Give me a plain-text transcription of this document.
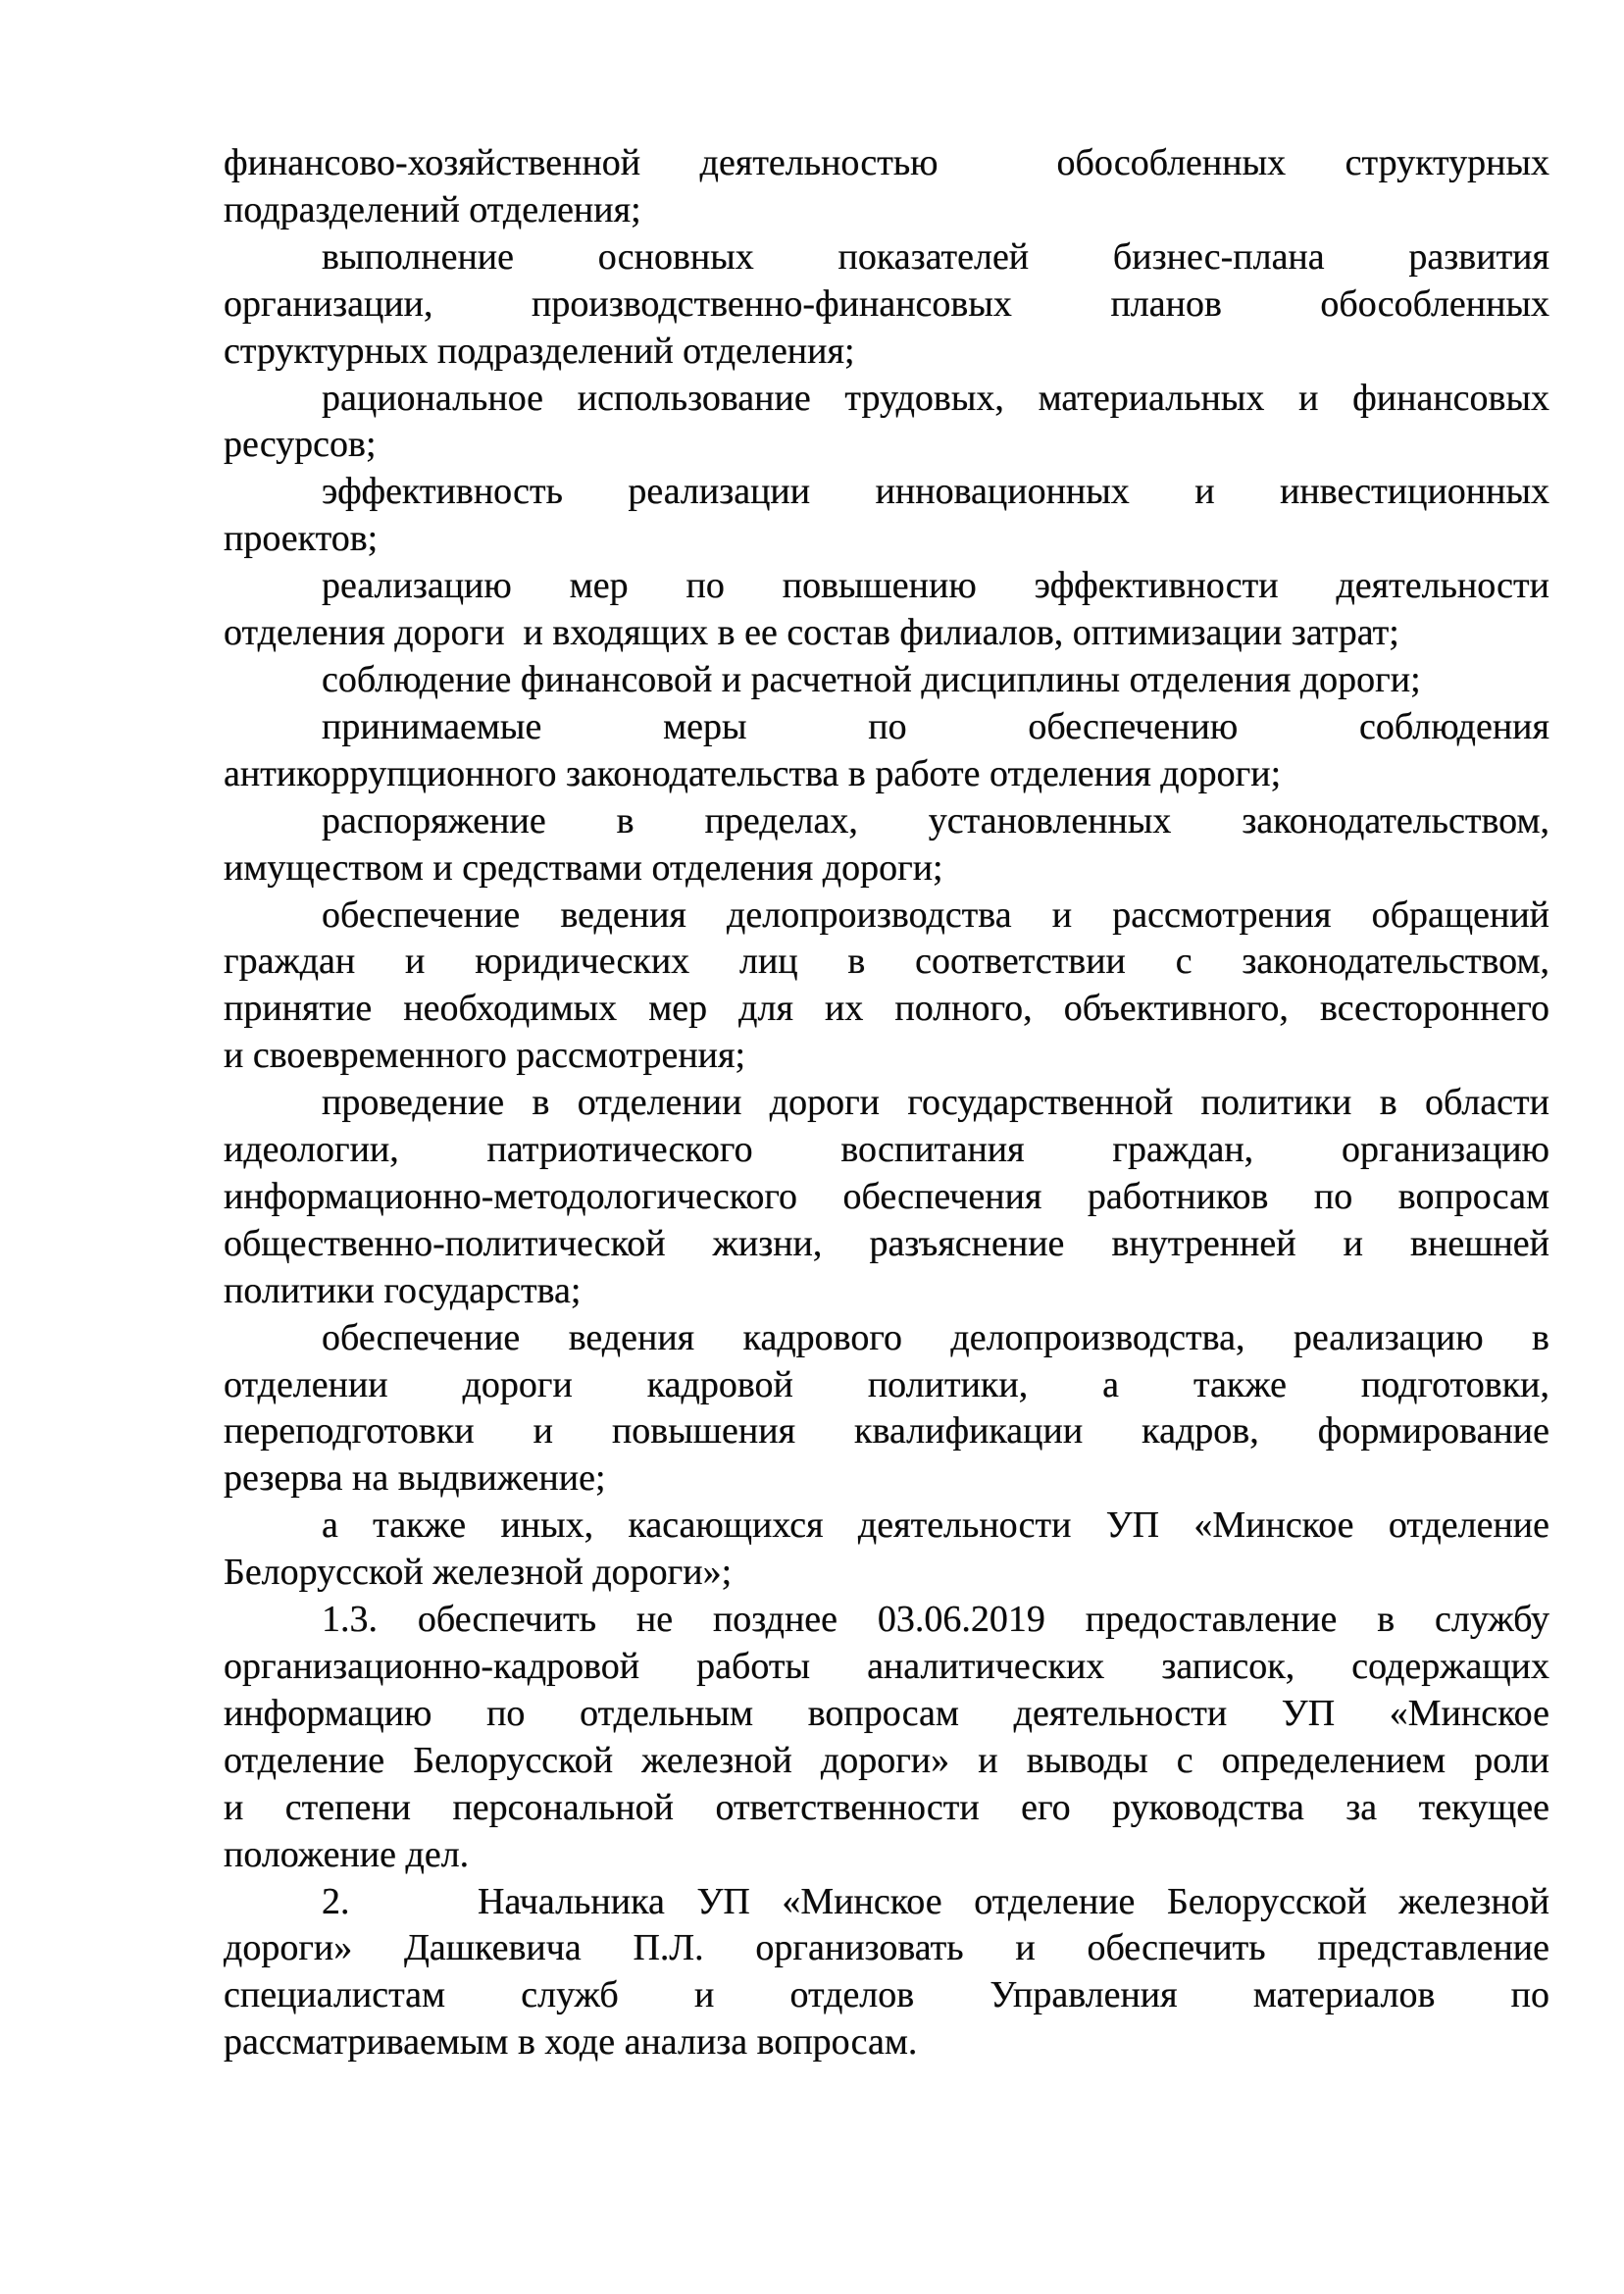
финансово-хозяйственной деятельностью  обособленных структурных
подразделений отделения;
выполнение основных показателей бизнес-плана развития
организации, производственно-финансовых планов обособленных
структурных подразделений отделения;
рациональное использование трудовых, материальных и финансовых
ресурсов;
эффективность реализации инновационных и инвестиционных
проектов;
реализацию мер по повышению эффективности деятельности
отделения дороги  и входящих в ее состав филиалов, оптимизации затрат;
соблюдение финансовой и расчетной дисциплины отделения дороги;
принимаемые меры по обеспечению соблюдения
антикоррупционного законодательства в работе отделения дороги;
распоряжение в пределах, установленных законодательством,
имуществом и средствами отделения дороги;
обеспечение ведения делопроизводства и рассмотрения обращений
граждан и юридических лиц в соответствии с законодательством,
принятие необходимых мер для их полного, объективного, всестороннего
и своевременного рассмотрения;
проведение в отделении дороги государственной политики в области
идеологии, патриотического воспитания граждан, организацию
информационно-методологического обеспечения работников по вопросам
общественно-политической жизни, разъяснение внутренней и внешней
политики государства;
обеспечение ведения кадрового делопроизводства, реализацию в
отделении дороги кадровой политики, а также подготовки,
переподготовки и повышения квалификации кадров, формирование
резерва на выдвижение;
а также иных, касающихся деятельности УП «Минское отделение
Белорусской железной дороги»;
1.3. обеспечить не позднее 03.06.2019 предоставление в службу
организационно-кадровой работы аналитических записок, содержащих
информацию по отдельным вопросам деятельности УП «Минское
отделение Белорусской железной дороги» и выводы с определением роли
и степени персональной ответственности его руководства за текущее
положение дел.
2.    Начальника УП «Минское отделение Белорусской железной
дороги» Дашкевича П.Л. организовать и обеспечить представление
специалистам служб и отделов Управления материалов по
рассматриваемым в ходе анализа вопросам.
